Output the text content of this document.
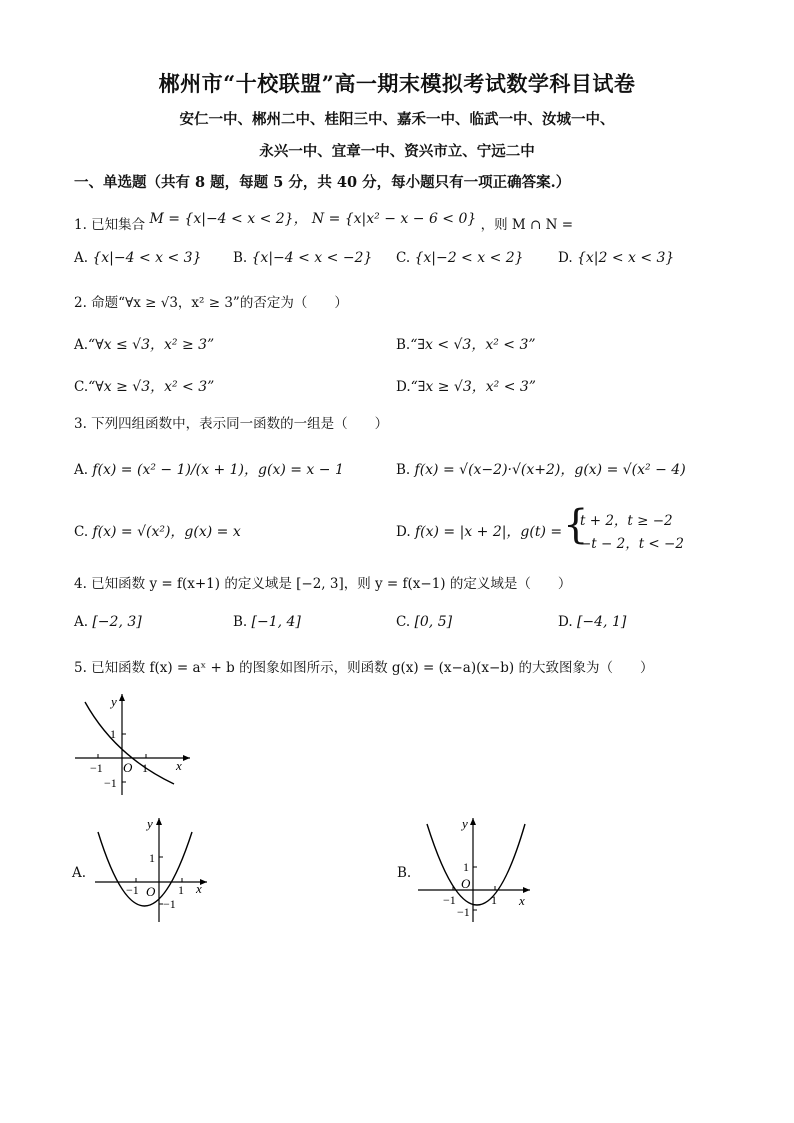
郴州市“十校联盟”高一期末模拟考试数学科目试卷
安仁一中、郴州二中、桂阳三中、嘉禾一中、临武一中、汝城一中、
永兴一中、宜章一中、资兴市立、宁远二中
一、单选题（共有 8 题，每题 5 分，共 40 分，每小题只有一项正确答案.）
1. 已知集合 M = {x|−4 < x < 2}， N = {x|x² − x − 6 < 0} ，则 M ∩ N =
A. {x|−4 < x < 3} B. {x|−4 < x < −2} C. {x|−2 < x < 2}	D. {x|2 < x < 3}
2. 命题“∀x ≥ √3，x² ≥ 3”的否定为（　　）
A.“∀x ≤ √3，x² ≥ 3”	B.“∃x < √3，x² < 3”
C.“∀x ≥ √3，x² < 3”	D.“∃x ≥ √3，x² < 3”
3. 下列四组函数中，表示同一函数的一组是（　　）
A. f(x) = (x² − 1)/(x + 1)，g(x) = x − 1	B. f(x) = √(x−2)·√(x+2)，g(x) = √(x² − 4)
C. f(x) = √(x²)，g(x) = x	D. f(x) = |x + 2|，g(t) = {
t + 2，t ≥ −2
−t − 2，t < −2
4. 已知函数 y = f(x+1) 的定义域是 [−2, 3]，则 y = f(x−1) 的定义域是（　　）
A. [−2, 3]	B. [−1, 4]	C. [0, 5]	D. [−4, 1]
5. 已知函数 f(x) = aˣ + b 的图象如图所示，则函数 g(x) = (x−a)(x−b) 的大致图象为（　　）
y
x
O
1
1
−1
−1
A.
y
x
O
1
1
−1
−1
B.
y
x
O
1
1
−1
−1
